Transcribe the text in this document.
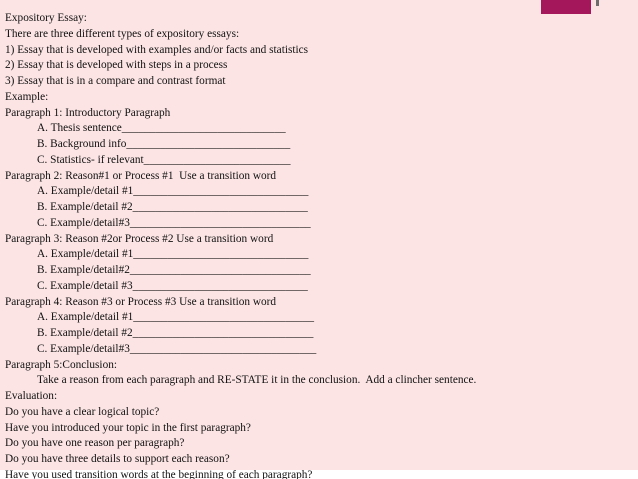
Expository Essay:
There are three different types of expository essays:
1) Essay that is developed with examples and/or facts and statistics
2) Essay that is developed with steps in a process
3) Essay that is in a compare and contrast format
Example:
Paragraph 1: Introductory Paragraph
A. Thesis sentence_____________________________
B. Background info_____________________________
C. Statistics- if relevant__________________________
Paragraph 2: Reason#1 or Process #1  Use a transition word
A. Example/detail #1_______________________________
B. Example/detail #2_______________________________
C. Example/detail#3________________________________
Paragraph 3: Reason #2or Process #2 Use a transition word
A. Example/detail #1_______________________________
B. Example/detail#2________________________________
C. Example/detail #3_______________________________
Paragraph 4: Reason #3 or Process #3 Use a transition word
A. Example/detail #1________________________________
B. Example/detail #2________________________________
C. Example/detail#3_________________________________
Paragraph 5:Conclusion:
Take a reason from each paragraph and RE-STATE it in the conclusion.  Add a clincher sentence.
Evaluation:
Do you have a clear logical topic?
Have you introduced your topic in the first paragraph?
Do you have one reason per paragraph?
Do you have three details to support each reason?
Have you used transition words at the beginning of each paragraph?
